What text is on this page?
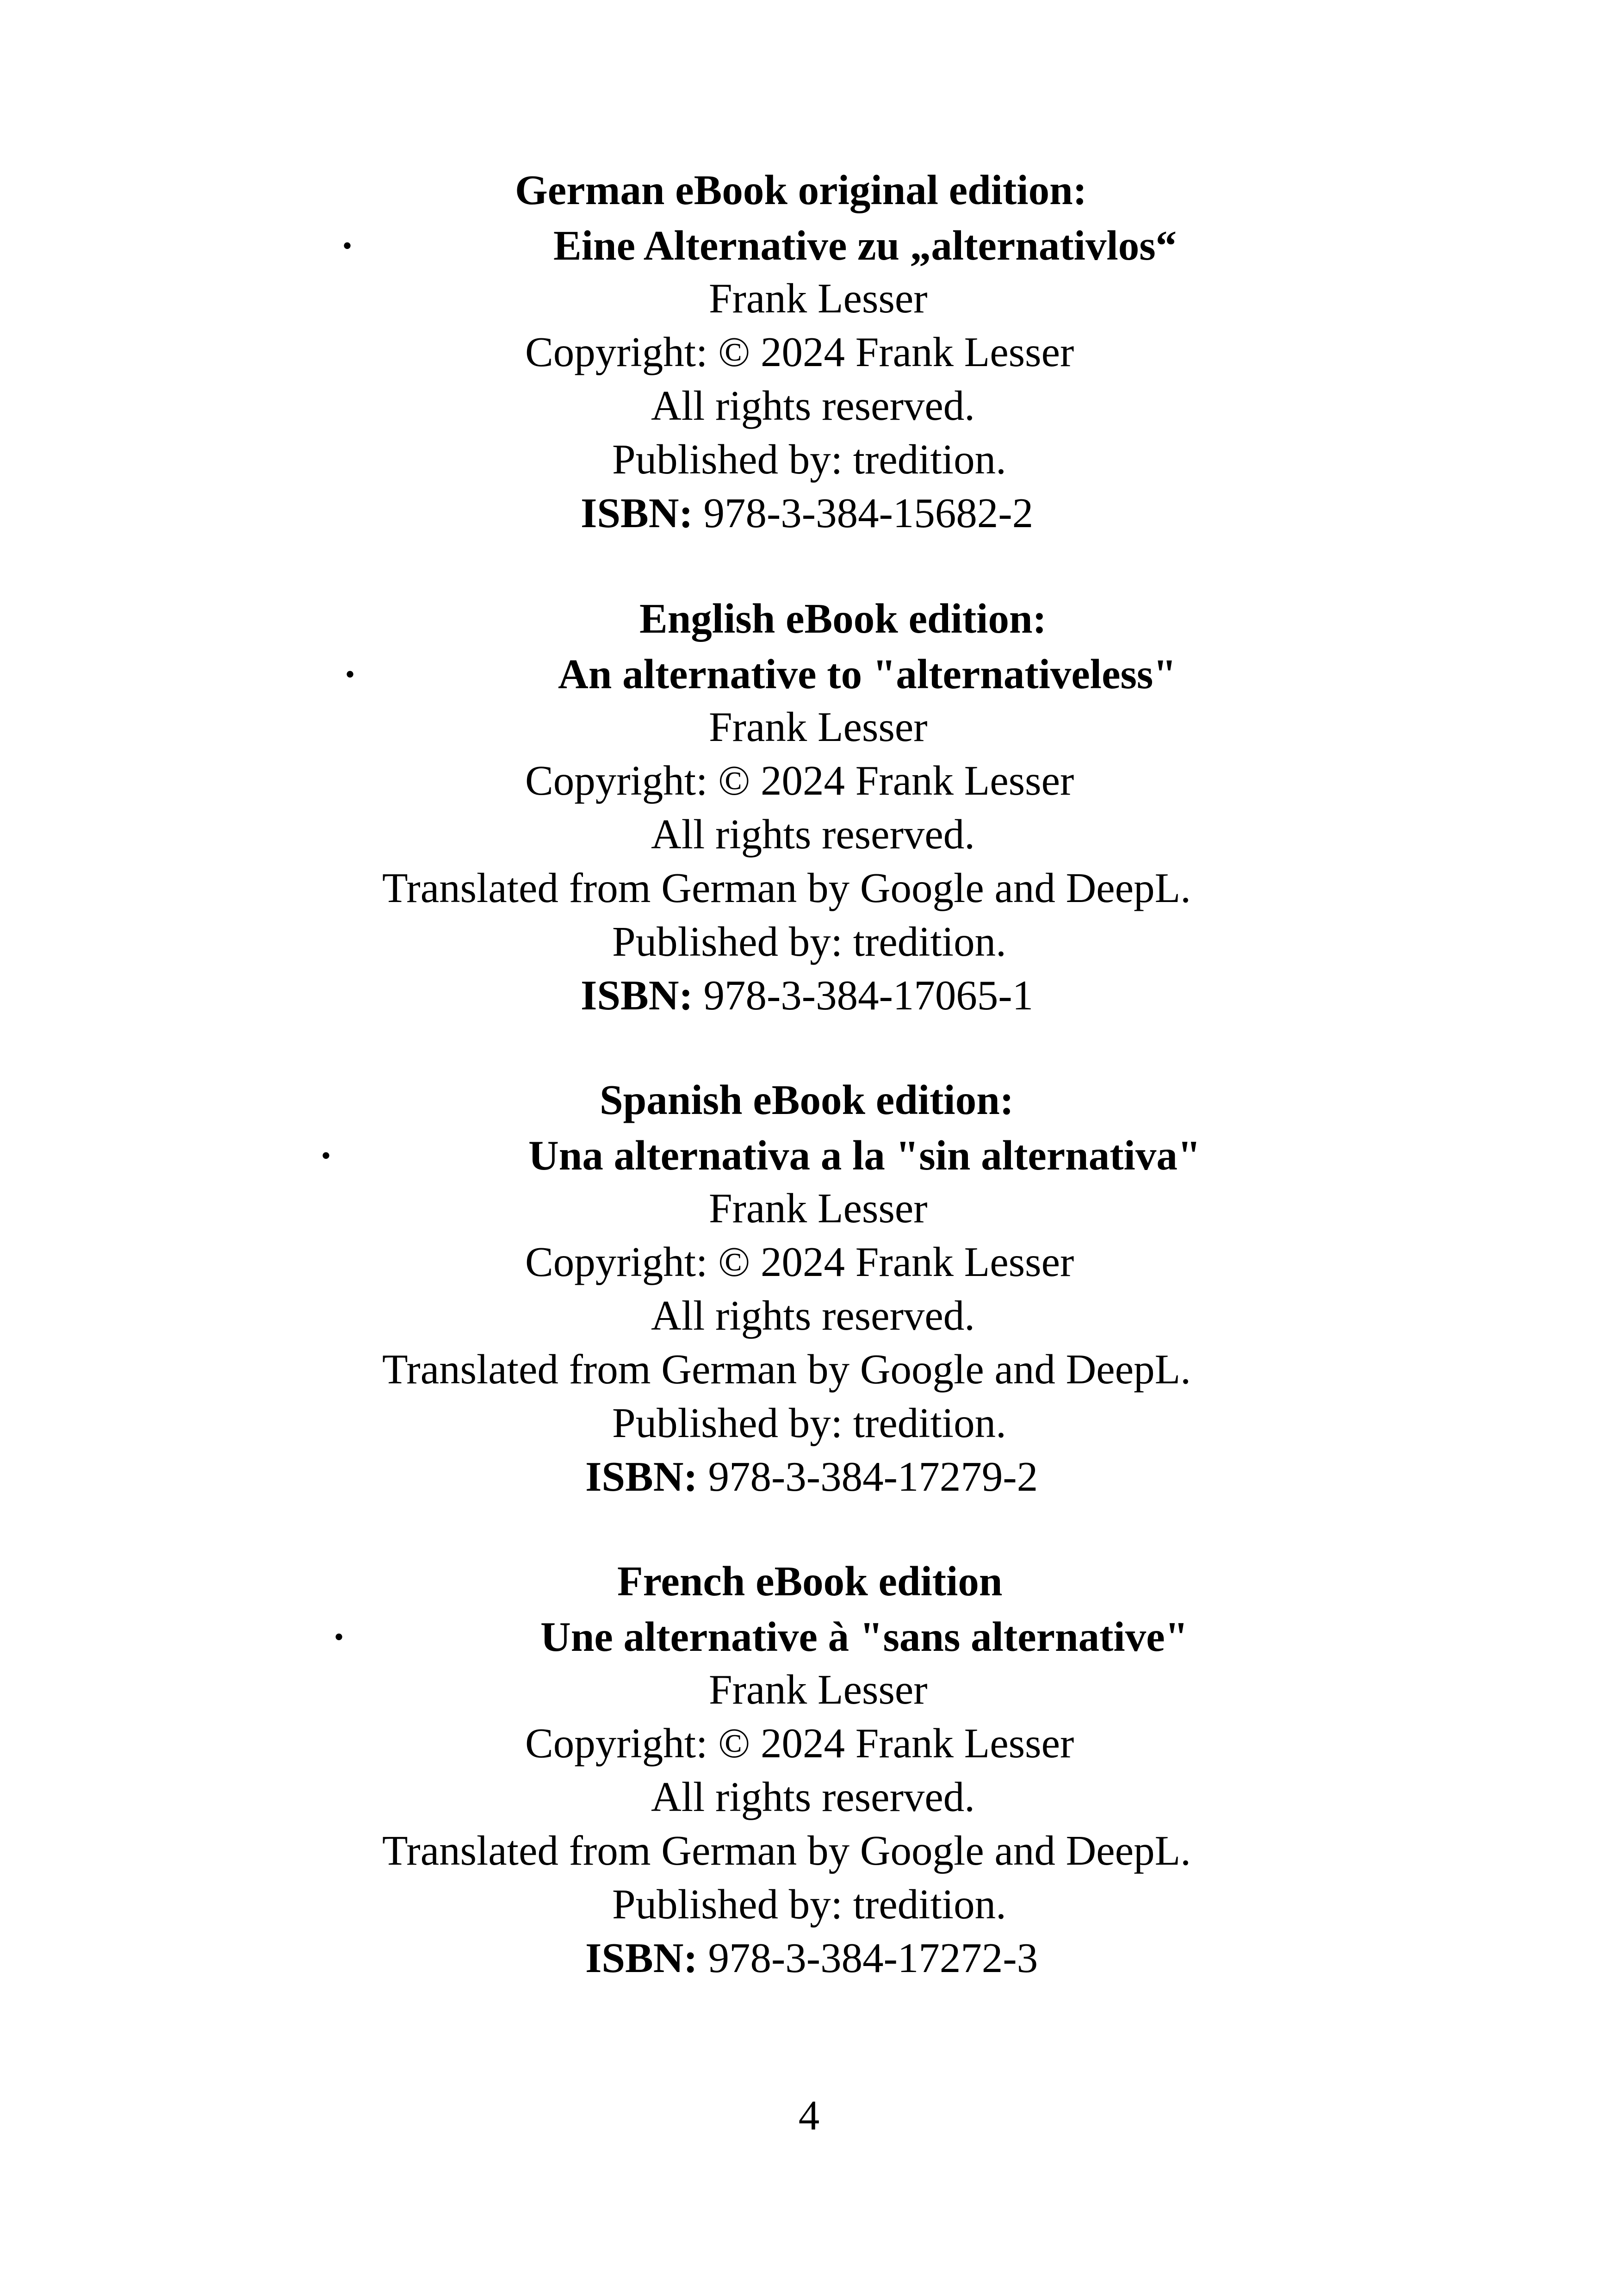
German eBook original edition:

•	Eine Alternative zu „alternativlos“

Frank Lesser

Copyright: © 2024 Frank Lesser

All rights reserved.

Published by: tredition.

ISBN: 978-3-384-15682-2

English eBook edition:

•	An alternative to "alternativeless"

Frank Lesser

Copyright: © 2024 Frank Lesser

All rights reserved.

Translated from German by Google and DeepL.

Published by: tredition.

ISBN: 978-3-384-17065-1

Spanish eBook edition:

•	Una alternativa a la "sin alternativa"

Frank Lesser

Copyright: © 2024 Frank Lesser

All rights reserved.

Translated from German by Google and DeepL.

Published by: tredition.

ISBN: 978-3-384-17279-2

French eBook edition

•	Une alternative à "sans alternative"

Frank Lesser

Copyright: © 2024 Frank Lesser

All rights reserved.

Translated from German by Google and DeepL.

Published by: tredition.

ISBN: 978-3-384-17272-3

4
